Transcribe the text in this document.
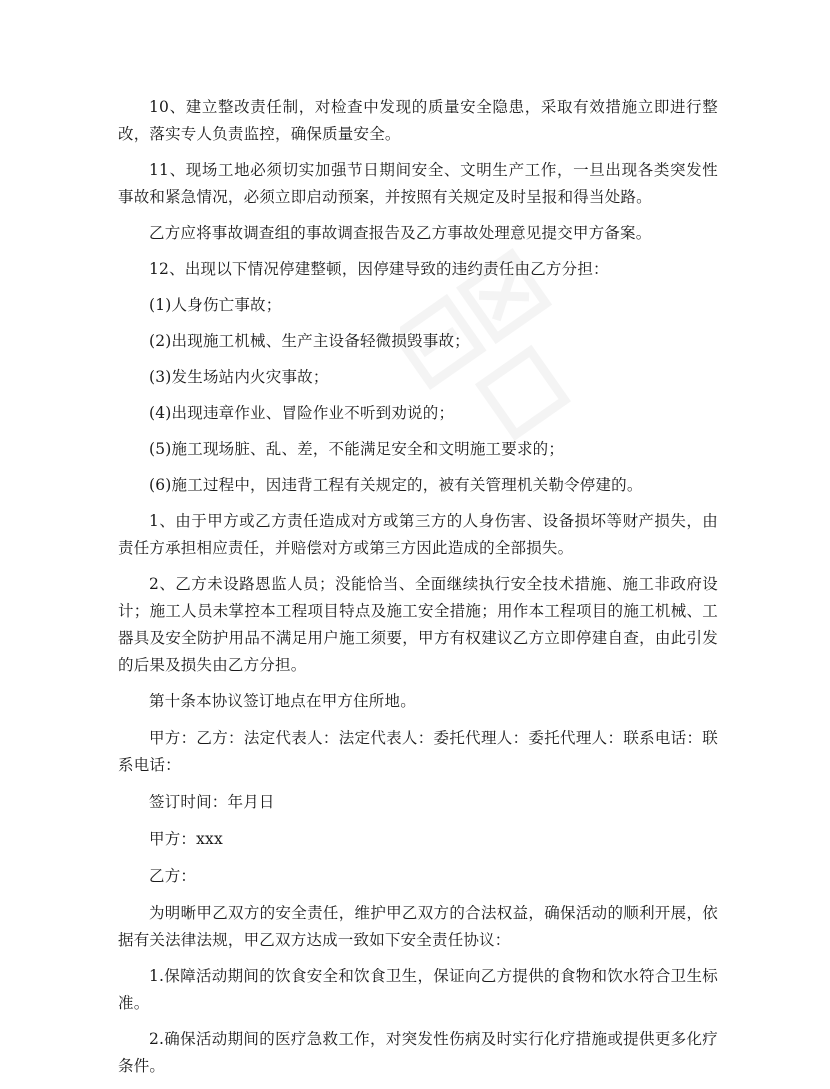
10、建立整改责任制，对检查中发现的质量安全隐患，采取有效措施立即进行整改，落实专人负责监控，确保质量安全。

11、现场工地必须切实加强节日期间安全、文明生产工作，一旦出现各类突发性事故和紧急情况，必须立即启动预案，并按照有关规定及时呈报和得当处路。

乙方应将事故调查组的事故调查报告及乙方事故处理意见提交甲方备案。

12、出现以下情况停建整顿，因停建导致的违约责任由乙方分担：

(1)人身伤亡事故；

(2)出现施工机械、生产主设备轻微损毁事故；

(3)发生场站内火灾事故；

(4)出现违章作业、冒险作业不听到劝说的；

(5)施工现场脏、乱、差，不能满足安全和文明施工要求的；

(6)施工过程中，因违背工程有关规定的，被有关管理机关勒令停建的。

1、由于甲方或乙方责任造成对方或第三方的人身伤害、设备损坏等财产损失，由责任方承担相应责任，并赔偿对方或第三方因此造成的全部损失。

2、乙方未设路恩监人员；没能恰当、全面继续执行安全技术措施、施工非政府设计；施工人员未掌控本工程项目特点及施工安全措施；用作本工程项目的施工机械、工器具及安全防护用品不满足用户施工须要，甲方有权建议乙方立即停建自查，由此引发的后果及损失由乙方分担。

第十条本协议签订地点在甲方住所地。

甲方：乙方：法定代表人：法定代表人：委托代理人：委托代理人：联系电话：联系电话：

签订时间：年月日

甲方：xxx

乙方：

为明晰甲乙双方的安全责任，维护甲乙双方的合法权益，确保活动的顺利开展，依据有关法律法规，甲乙双方达成一致如下安全责任协议：

1.保障活动期间的饮食安全和饮食卫生，保证向乙方提供的食物和饮水符合卫生标准。

2.确保活动期间的医疗急救工作，对突发性伤病及时实行化疗措施或提供更多化疗条件。
